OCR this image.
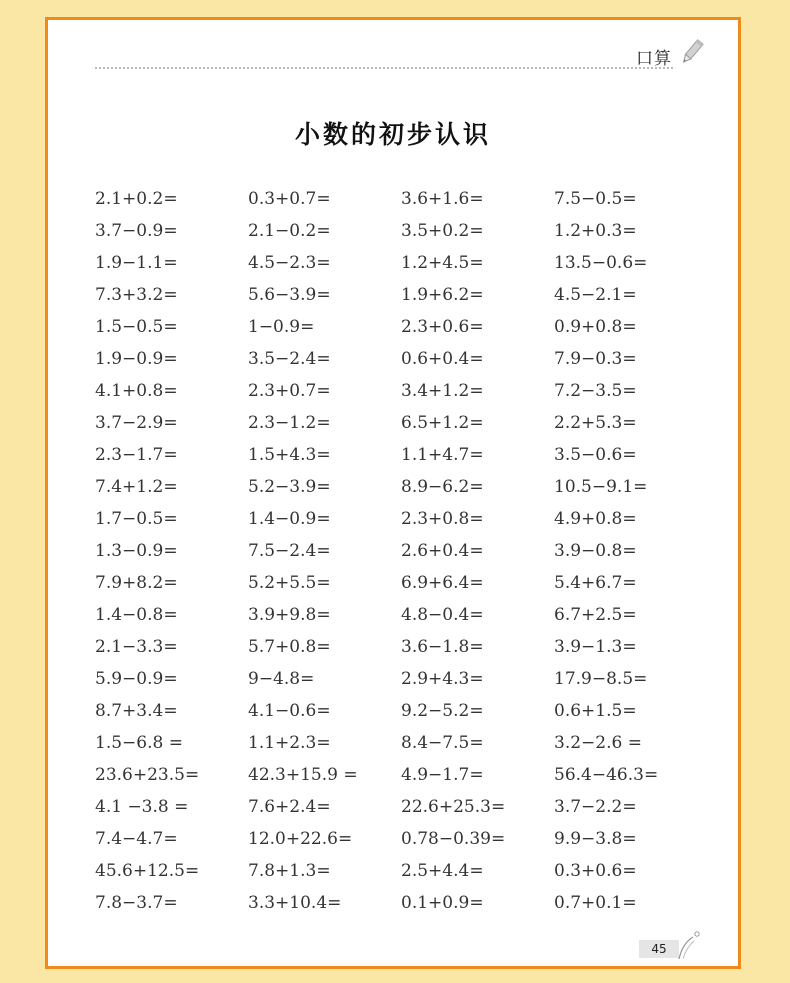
口算
小数的初步认识
2.1+0.2=	0.3+0.7=	3.6+1.6=	7.5−0.5=
3.7−0.9=	2.1−0.2=	3.5+0.2=	1.2+0.3=
1.9−1.1=	4.5−2.3=	1.2+4.5=	13.5−0.6=
7.3+3.2=	5.6−3.9=	1.9+6.2=	4.5−2.1=
1.5−0.5=	1−0.9=	2.3+0.6=	0.9+0.8=
1.9−0.9=	3.5−2.4=	0.6+0.4=	7.9−0.3=
4.1+0.8=	2.3+0.7=	3.4+1.2=	7.2−3.5=
3.7−2.9=	2.3−1.2=	6.5+1.2=	2.2+5.3=
2.3−1.7=	1.5+4.3=	1.1+4.7=	3.5−0.6=
7.4+1.2=	5.2−3.9=	8.9−6.2=	10.5−9.1=
1.7−0.5=	1.4−0.9=	2.3+0.8=	4.9+0.8=
1.3−0.9=	7.5−2.4=	2.6+0.4=	3.9−0.8=
7.9+8.2=	5.2+5.5=	6.9+6.4=	5.4+6.7=
1.4−0.8=	3.9+9.8=	4.8−0.4=	6.7+2.5=
2.1−3.3=	5.7+0.8=	3.6−1.8=	3.9−1.3=
5.9−0.9=	9−4.8=	2.9+4.3=	17.9−8.5=
8.7+3.4=	4.1−0.6=	9.2−5.2=	0.6+1.5=
1.5−6.8 =	1.1+2.3=	8.4−7.5=	3.2−2.6 =
23.6+23.5=	42.3+15.9 =	4.9−1.7=	56.4−46.3=
4.1 −3.8 =	7.6+2.4=	22.6+25.3=	3.7−2.2=
7.4−4.7=	12.0+22.6=	0.78−0.39=	9.9−3.8=
45.6+12.5=	7.8+1.3=	2.5+4.4=	0.3+0.6=
7.8−3.7=	3.3+10.4=	0.1+0.9=	0.7+0.1=
45
